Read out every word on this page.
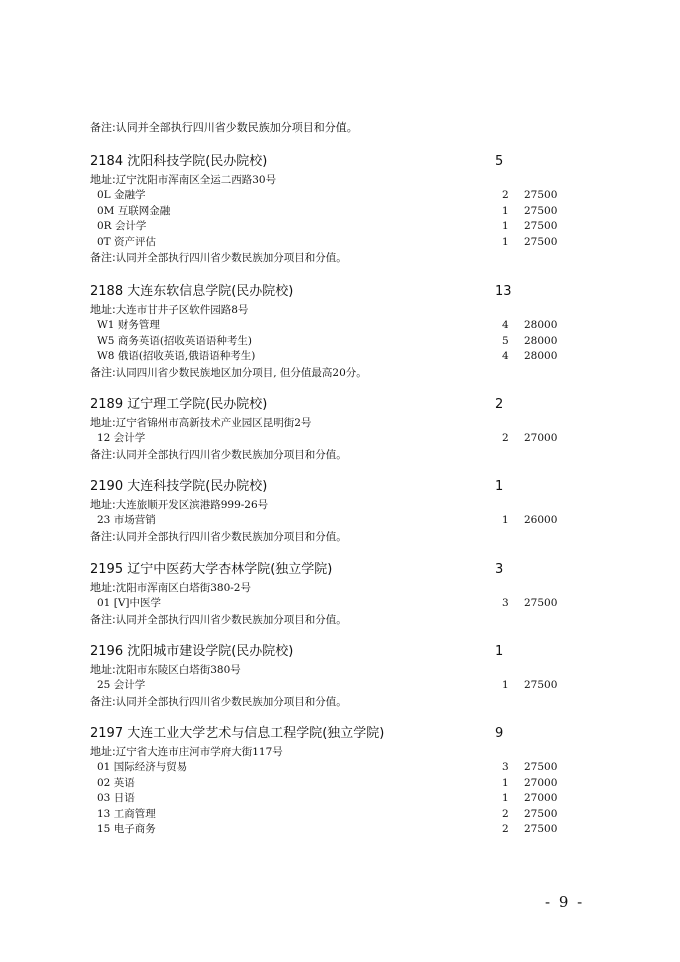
备注:认同并全部执行四川省少数民族加分项目和分值。
2184 沈阳科技学院(民办院校)	5
地址:辽宁沈阳市浑南区全运二西路30号
0L 金融学	2 27500
0M 互联网金融	1 27500
0R 会计学	1 27500
0T 资产评估	1 27500
备注:认同并全部执行四川省少数民族加分项目和分值。
2188 大连东软信息学院(民办院校)	13
地址:大连市甘井子区软件园路8号
W1 财务管理	4 28000
W5 商务英语(招收英语语种考生)	5 28000
W8 俄语(招收英语,俄语语种考生)	4 28000
备注:认同四川省少数民族地区加分项目, 但分值最高20分。
2189 辽宁理工学院(民办院校)	2
地址:辽宁省锦州市高新技术产业园区昆明街2号
12 会计学	2 27000
备注:认同并全部执行四川省少数民族加分项目和分值。
2190 大连科技学院(民办院校)	1
地址:大连旅顺开发区滨港路999-26号
23 市场营销	1 26000
备注:认同并全部执行四川省少数民族加分项目和分值。
2195 辽宁中医药大学杏林学院(独立学院)	3
地址:沈阳市浑南区白塔街380-2号
01 [Ⅴ]中医学	3 27500
备注:认同并全部执行四川省少数民族加分项目和分值。
2196 沈阳城市建设学院(民办院校)	1
地址:沈阳市东陵区白塔街380号
25 会计学	1 27500
备注:认同并全部执行四川省少数民族加分项目和分值。
2197 大连工业大学艺术与信息工程学院(独立学院)	9
地址:辽宁省大连市庄河市学府大街117号
01 国际经济与贸易	3 27500
02 英语	1 27000
03 日语	1 27000
13 工商管理	2 27500
15 电子商务	2 27500
- 9 -
